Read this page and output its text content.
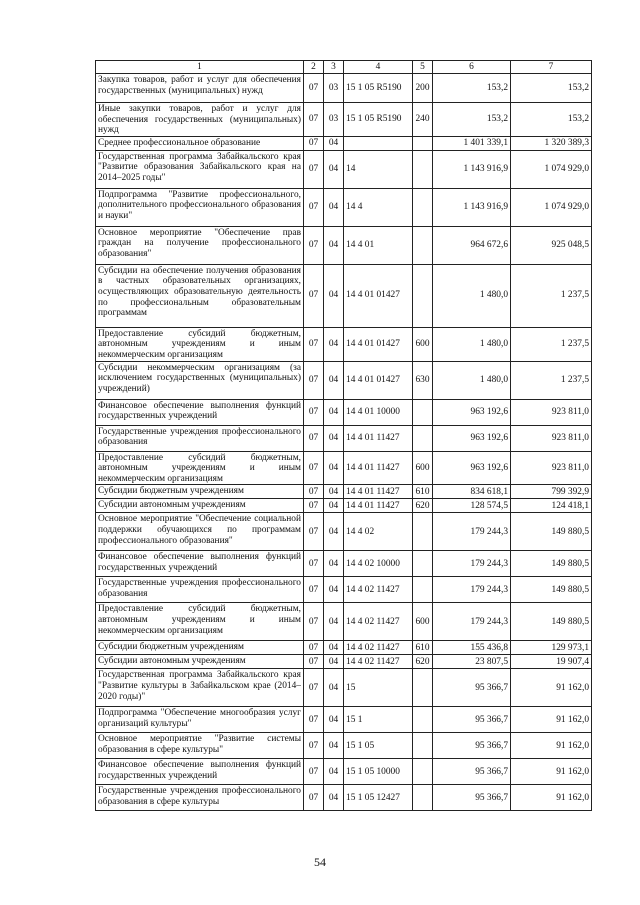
1	2	3	4	5	6	7
Закупка товаров, работ и услуг для обеспечения государственных (муниципальных) нужд	07	03	15 1 05 R5190	200	153,2	153,2
Иные закупки товаров, работ и услуг для обеспечения государственных (муниципальных) нужд	07	03	15 1 05 R5190	240	153,2	153,2
Среднее профессиональное образование	07	04			1 401 339,1	1 320 389,3
Государственная программа Забайкальского края "Развитие образования Забайкальского края на 2014–2025 годы"	07	04	14		1 143 916,9	1 074 929,0
Подпрограмма "Развитие профессионального, дополнительного профессионального образования и науки"	07	04	14 4		1 143 916,9	1 074 929,0
Основное мероприятие "Обеспечение прав граждан на получение профессионального образования"	07	04	14 4 01		964 672,6	925 048,5
Субсидии на обеспечение получения образования в частных образовательных организациях, осуществляющих образовательную деятельность по профессиональным образовательным программам	07	04	14 4 01 01427		1 480,0	1 237,5
Предоставление субсидий бюджетным, автономным учреждениям и иным некоммерческим организациям	07	04	14 4 01 01427	600	1 480,0	1 237,5
Субсидии некоммерческим организациям (за исключением государственных (муниципальных) учреждений)	07	04	14 4 01 01427	630	1 480,0	1 237,5
Финансовое обеспечение выполнения функций государственных учреждений	07	04	14 4 01 10000		963 192,6	923 811,0
Государственные учреждения профессионального образования	07	04	14 4 01 11427		963 192,6	923 811,0
Предоставление субсидий бюджетным, автономным учреждениям и иным некоммерческим организациям	07	04	14 4 01 11427	600	963 192,6	923 811,0
Субсидии бюджетным учреждениям	07	04	14 4 01 11427	610	834 618,1	799 392,9
Субсидии автономным учреждениям	07	04	14 4 01 11427	620	128 574,5	124 418,1
Основное мероприятие "Обеспечение социальной поддержки обучающихся по программам профессионального образования"	07	04	14 4 02		179 244,3	149 880,5
Финансовое обеспечение выполнения функций государственных учреждений	07	04	14 4 02 10000		179 244,3	149 880,5
Государственные учреждения профессионального образования	07	04	14 4 02 11427		179 244,3	149 880,5
Предоставление субсидий бюджетным, автономным учреждениям и иным некоммерческим организациям	07	04	14 4 02 11427	600	179 244,3	149 880,5
Субсидии бюджетным учреждениям	07	04	14 4 02 11427	610	155 436,8	129 973,1
Субсидии автономным учреждениям	07	04	14 4 02 11427	620	23 807,5	19 907,4
Государственная программа Забайкальского края "Развитие культуры в Забайкальском крае (2014–2020 годы)"	07	04	15		95 366,7	91 162,0
Подпрограмма "Обеспечение многообразия услуг организаций культуры"	07	04	15 1		95 366,7	91 162,0
Основное мероприятие "Развитие системы образования в сфере культуры"	07	04	15 1 05		95 366,7	91 162,0
Финансовое обеспечение выполнения функций государственных учреждений	07	04	15 1 05 10000		95 366,7	91 162,0
Государственные учреждения профессионального образования в сфере культуры	07	04	15 1 05 12427		95 366,7	91 162,0
54
